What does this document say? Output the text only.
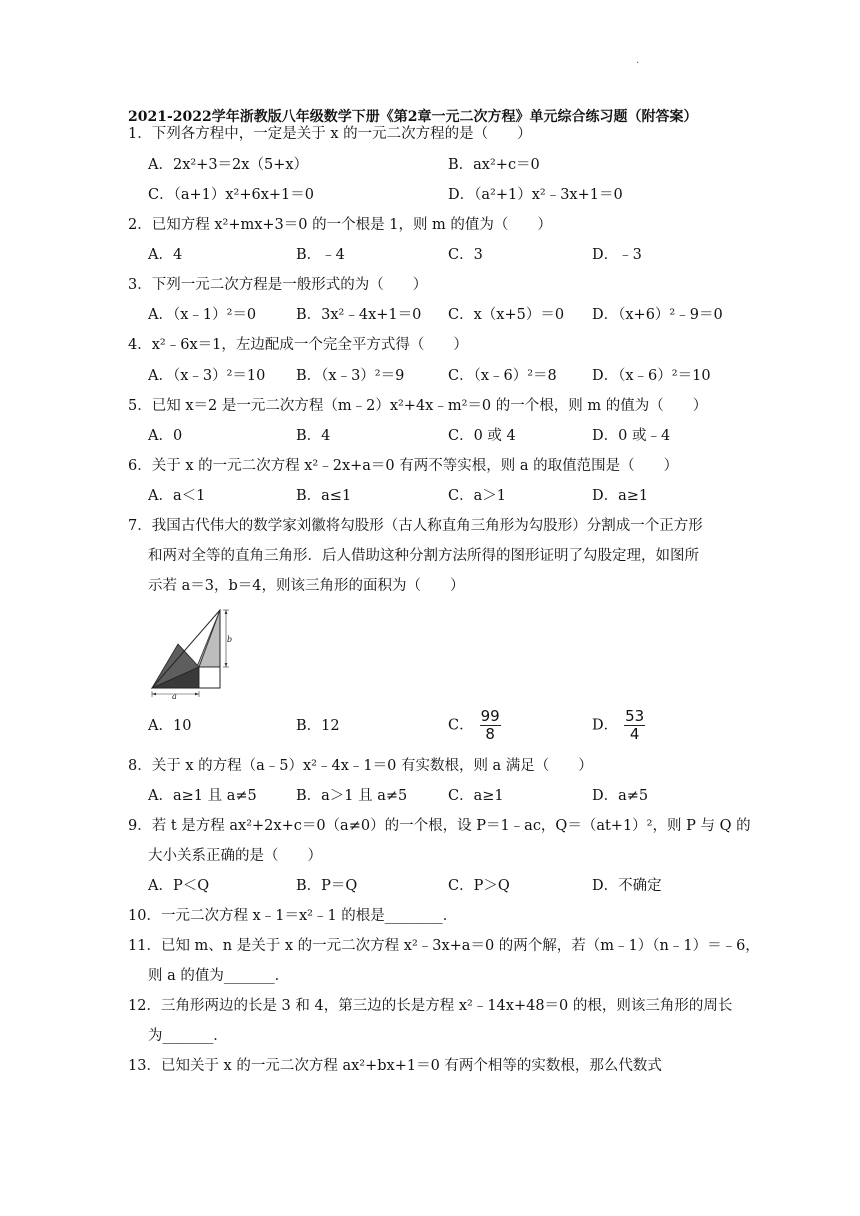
·
2021-2022学年浙教版八年级数学下册《第2章一元二次方程》单元综合练习题（附答案）
1．下列各方程中，一定是关于 x 的一元二次方程的是（　　）
A．2x²+3＝2x（5+x）	B．ax²+c＝0
C．（a+1）x²+6x+1＝0	D．（a²+1）x²﹣3x+1＝0
2．已知方程 x²+mx+3＝0 的一个根是 1，则 m 的值为（　　）
A．4	B．﹣4	C．3	D．﹣3
3．下列一元二次方程是一般形式的为（　　）
A．（x﹣1）²＝0	B．3x²﹣4x+1＝0 C．x（x+5）＝0 D．（x+6）²﹣9＝0
4．x²﹣6x＝1，左边配成一个完全平方式得（　　）
A．（x﹣3）²＝10 B．（x﹣3）²＝9	C．（x﹣6）²＝8 D．（x﹣6）²＝10
5．已知 x＝2 是一元二次方程（m﹣2）x²+4x﹣m²＝0 的一个根，则 m 的值为（　　）
A．0	B．4	C．0 或 4	D．0 或﹣4
6．关于 x 的一元二次方程 x²﹣2x+a＝0 有两不等实根，则 a 的取值范围是（　　）
A．a＜1	B．a≤1	C．a＞1	D．a≥1
7．我国古代伟大的数学家刘徽将勾股形（古人称直角三角形为勾股形）分割成一个正方形
和两对全等的直角三角形．后人借助这种分割方法所得的图形证明了勾股定理，如图所
示若 a＝3，b＝4，则该三角形的面积为（　　）
b
a
A．10	B．12	C． $\frac{99}{8}$	D． $\frac{53}{4}$
8．关于 x 的方程（a﹣5）x²﹣4x﹣1＝0 有实数根，则 a 满足（　　）
A．a≥1 且 a≠5	B．a＞1 且 a≠5	C．a≥1	D．a≠5
9．若 t 是方程 ax²+2x+c＝0（a≠0）的一个根，设 P＝1﹣ac，Q＝（at+1）²，则 P 与 Q 的
大小关系正确的是（　　）
A．P＜Q	B．P＝Q	C．P＞Q	D．不确定
10．一元二次方程 x﹣1＝x²﹣1 的根是________．
11．已知 m、n 是关于 x 的一元二次方程 x²﹣3x+a＝0 的两个解，若（m﹣1）（n﹣1）＝﹣6，
则 a 的值为_______．
12．三角形两边的长是 3 和 4，第三边的长是方程 x²﹣14x+48＝0 的根，则该三角形的周长
为_______．
13．已知关于 x 的一元二次方程 ax²+bx+1＝0 有两个相等的实数根，那么代数式
